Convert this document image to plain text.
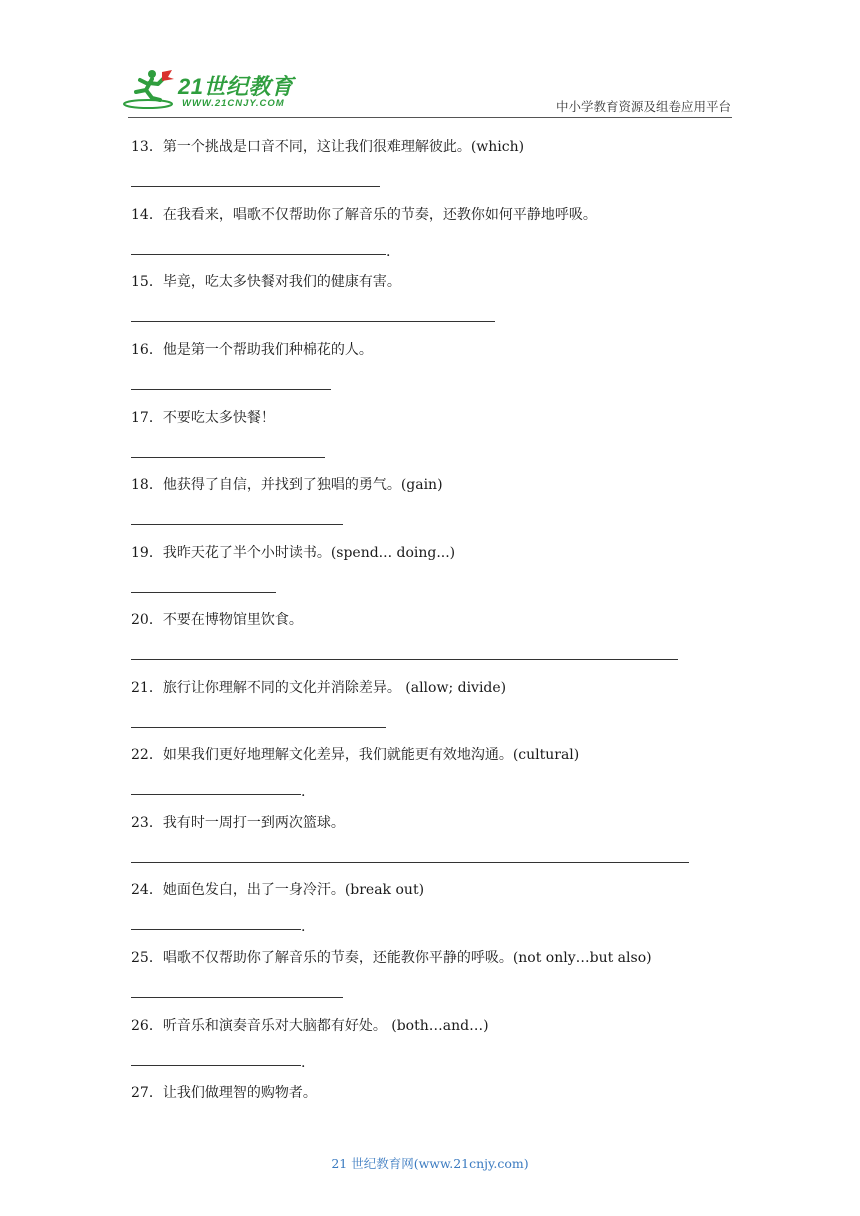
21世纪教育
WWW.21CNJY.COM	中小学教育资源及组卷应用平台
13．第一个挑战是口音不同，这让我们很难理解彼此。(which)
14．在我看来，唱歌不仅帮助你了解音乐的节奏，还教你如何平静地呼吸。
.
15．毕竟，吃太多快餐对我们的健康有害。
16．他是第一个帮助我们种棉花的人。
17．不要吃太多快餐！
18．他获得了自信，并找到了独唱的勇气。(gain)
19．我昨天花了半个小时读书。(spend... doing...)
20．不要在博物馆里饮食。
21．旅行让你理解不同的文化并消除差异。 (allow; divide)
22．如果我们更好地理解文化差异，我们就能更有效地沟通。(cultural)
.
23．我有时一周打一到两次篮球。
24．她面色发白，出了一身冷汗。(break out)
.
25．唱歌不仅帮助你了解音乐的节奏，还能教你平静的呼吸。(not only…but also)
26．听音乐和演奏音乐对大脑都有好处。 (both…and…)
.
27．让我们做理智的购物者。
21 世纪教育网(www.21cnjy.com)
